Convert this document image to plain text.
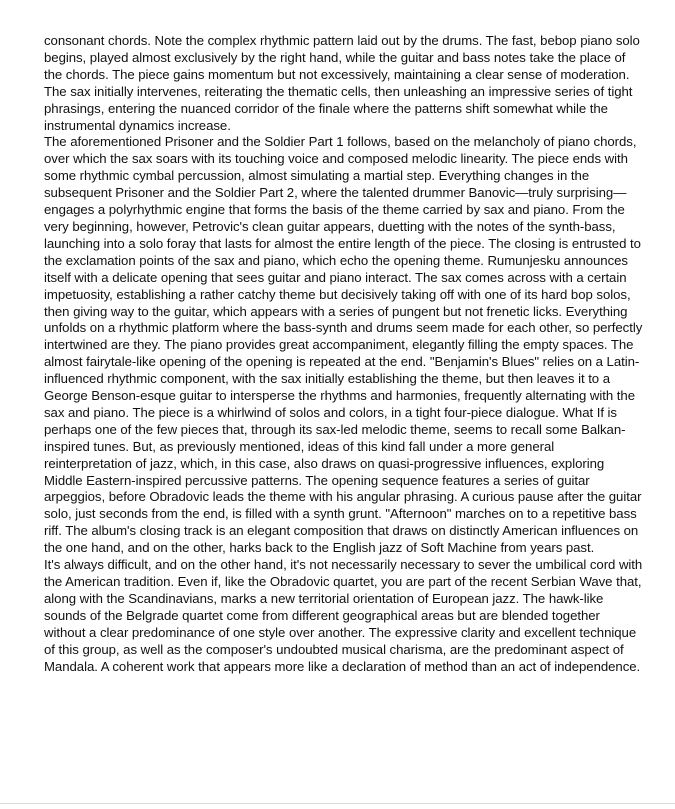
consonant chords. Note the complex rhythmic pattern laid out by the drums. The fast, bebop piano solo begins, played almost exclusively by the right hand, while the guitar and bass notes take the place of the chords. The piece gains momentum but not excessively, maintaining a clear sense of moderation. The sax initially intervenes, reiterating the thematic cells, then unleashing an impressive series of tight phrasings, entering the nuanced corridor of the finale where the patterns shift somewhat while the instrumental dynamics increase.

The aforementioned Prisoner and the Soldier Part 1 follows, based on the melancholy of piano chords, over which the sax soars with its touching voice and composed melodic linearity. The piece ends with some rhythmic cymbal percussion, almost simulating a martial step. Everything changes in the subsequent Prisoner and the Soldier Part 2, where the talented drummer Banovic—truly surprising—engages a polyrhythmic engine that forms the basis of the theme carried by sax and piano. From the very beginning, however, Petrovic's clean guitar appears, duetting with the notes of the synth-bass, launching into a solo foray that lasts for almost the entire length of the piece. The closing is entrusted to the exclamation points of the sax and piano, which echo the opening theme. Rumunjesku announces itself with a delicate opening that sees guitar and piano interact. The sax comes across with a certain impetuosity, establishing a rather catchy theme but decisively taking off with one of its hard bop solos, then giving way to the guitar, which appears with a series of pungent but not frenetic licks. Everything unfolds on a rhythmic platform where the bass-synth and drums seem made for each other, so perfectly intertwined are they. The piano provides great accompaniment, elegantly filling the empty spaces. The almost fairytale-like opening of the opening is repeated at the end. "Benjamin's Blues" relies on a Latin-influenced rhythmic component, with the sax initially establishing the theme, but then leaves it to a George Benson-esque guitar to intersperse the rhythms and harmonies, frequently alternating with the sax and piano. The piece is a whirlwind of solos and colors, in a tight four-piece dialogue. What If is perhaps one of the few pieces that, through its sax-led melodic theme, seems to recall some Balkan-inspired tunes. But, as previously mentioned, ideas of this kind fall under a more general reinterpretation of jazz, which, in this case, also draws on quasi-progressive influences, exploring Middle Eastern-inspired percussive patterns. The opening sequence features a series of guitar arpeggios, before Obradovic leads the theme with his angular phrasing. A curious pause after the guitar solo, just seconds from the end, is filled with a synth grunt. "Afternoon" marches on to a repetitive bass riff. The album's closing track is an elegant composition that draws on distinctly American influences on the one hand, and on the other, harks back to the English jazz of Soft Machine from years past.

It's always difficult, and on the other hand, it's not necessarily necessary to sever the umbilical cord with the American tradition. Even if, like the Obradovic quartet, you are part of the recent Serbian Wave that, along with the Scandinavians, marks a new territorial orientation of European jazz. The hawk-like sounds of the Belgrade quartet come from different geographical areas but are blended together without a clear predominance of one style over another. The expressive clarity and excellent technique of this group, as well as the composer's undoubted musical charisma, are the predominant aspect of Mandala. A coherent work that appears more like a declaration of method than an act of independence.
